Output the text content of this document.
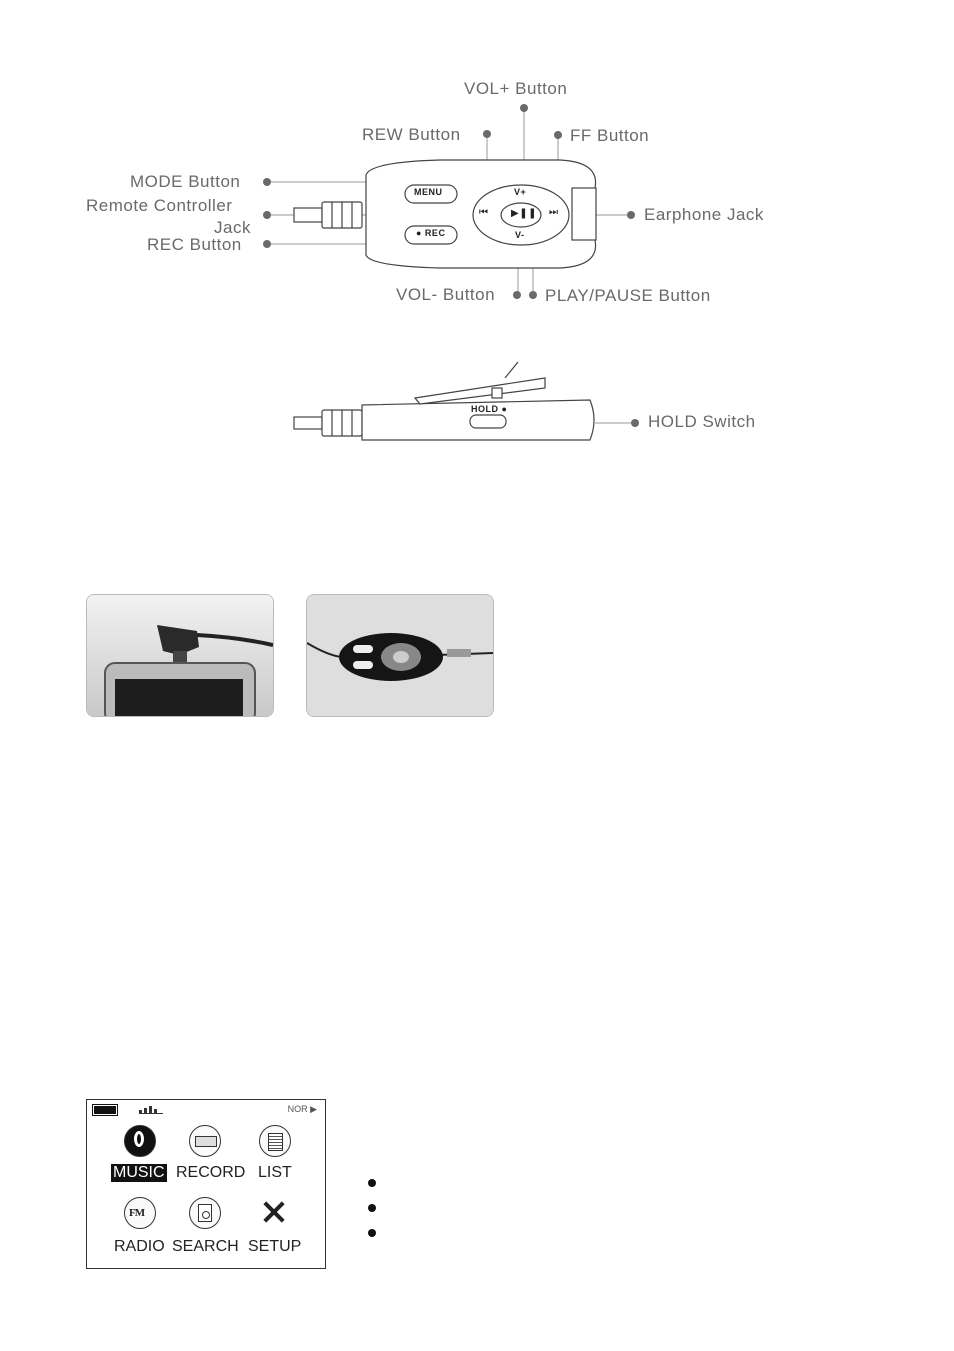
MENU
● REC
V+
V-
▶❚❚
⏮	⏭
HOLD ●
VOL+ Button
REW Button	FF Button
MODE Button
Remote Controller
Jack
REC Button
Earphone Jack
VOL- Button	PLAY/PAUSE Button
HOLD Switch
NOR ▶
MUSIC RECORD LIST
FM
RADIO SEARCH SETUP
